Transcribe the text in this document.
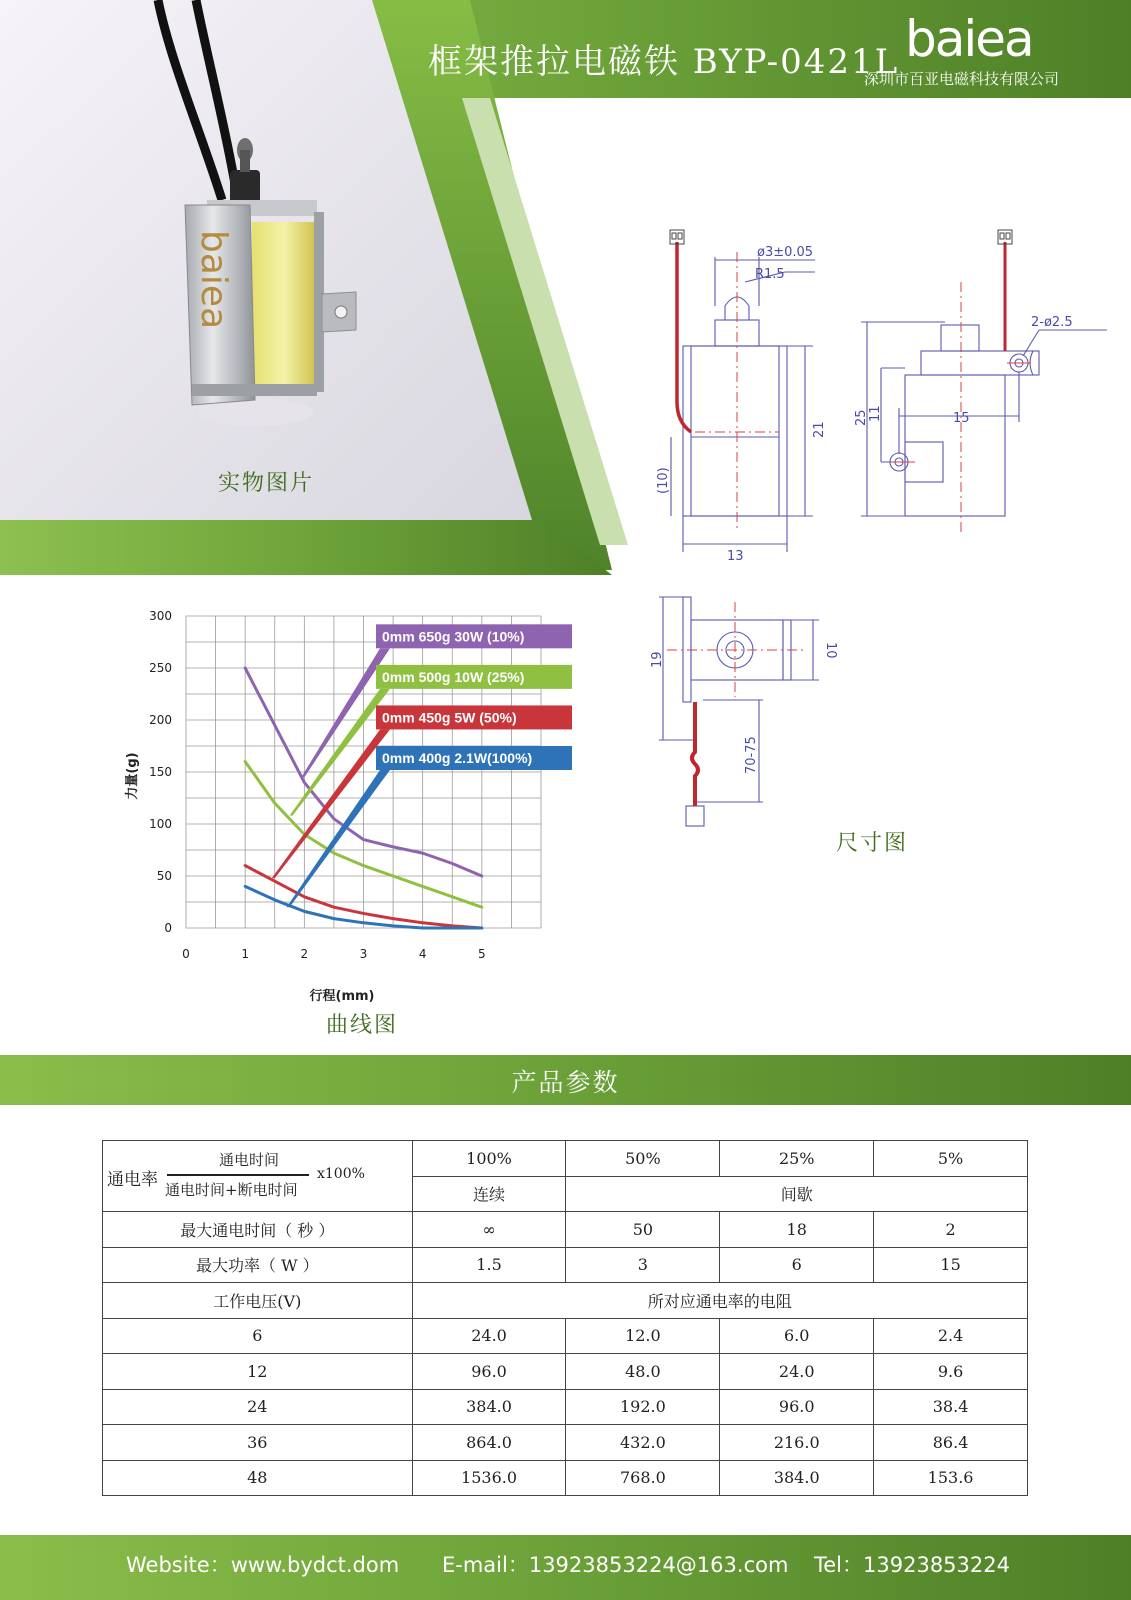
baiea
框架推拉电磁铁 BYP-0421L baiea
深圳市百亚电磁科技有限公司
实物图片
ø3±0.05
R1.5
21
(10)
13
2-ø2.5
25 11	15
19
10
70-75
尺寸图
0	1	2	3	4	5
0
50
100
150
200
250
300
0mm 650g 30W (10%)
0mm 500g 10W (25%)
0mm 450g 5W (50%)
0mm 400g 2.1W(100%)
行程(mm)
力量(g)
曲线图
产品参数
通电率
通电时间
通电时间+断电时间
x100%	100%	50%	25%	5%
	连续	间歇		
最大通电时间（ 秒 ）	∞	50	18	2
最大功率（ W ）	1.5	3	6	15
工作电压(V)	所对应通电率的电阻			
6	24.0	12.0	6.0	2.4
12	96.0	48.0	24.0	9.6
24	384.0	192.0	96.0	38.4
36	864.0	432.0	216.0	86.4
48	1536.0	768.0	384.0	153.6
Website：www.bydct.dom E-mail：13923853224@163.com Tel：13923853224
